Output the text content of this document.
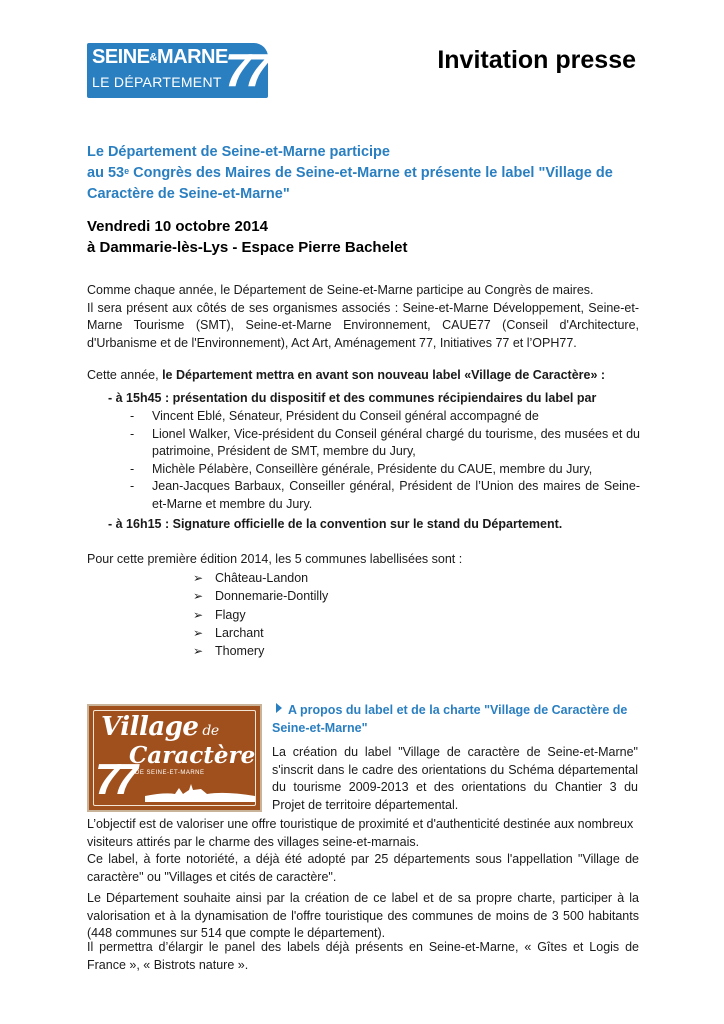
SEINE&MARNE
LE DÉPARTEMENT 77	Invitation presse
Le Département de Seine-et-Marne participe
au 53e Congrès des Maires de Seine-et-Marne et présente le label "Village de Caractère de Seine-et-Marne"
Vendredi 10 octobre 2014
à Dammarie-lès-Lys - Espace Pierre Bachelet
Comme chaque année, le Département de Seine-et-Marne participe au Congrès de maires.
Il sera présent aux côtés de ses organismes associés : Seine-et-Marne Développement, Seine-et-Marne Tourisme (SMT), Seine-et-Marne Environnement, CAUE77 (Conseil d'Architecture, d'Urbanisme et de l'Environnement), Act Art, Aménagement 77, Initiatives 77 et l’OPH77.
Cette année, le Département mettra en avant son nouveau label «Village de Caractère» :
- à 15h45 : présentation du dispositif et des communes récipiendaires du label par
- Vincent Eblé, Sénateur, Président du Conseil général accompagné de
- Lionel Walker, Vice-président du Conseil général chargé du tourisme, des musées et du patrimoine, Président de SMT, membre du Jury,
- Michèle Pélabère, Conseillère générale, Présidente du CAUE, membre du Jury,
- Jean-Jacques Barbaux, Conseiller général, Président de l’Union des maires de Seine-et-Marne et membre du Jury.
- à 16h15 : Signature officielle de la convention sur le stand du Département.
Pour cette première édition 2014, les 5 communes labellisées sont :
➢ Château-Landon
➢ Donnemarie-Dontilly
➢ Flagy
➢ Larchant
➢ Thomery
Village de
Caractère
DE SEINE-ET-MARNE
77
A propos du label et de la charte "Village de Caractère de Seine-et-Marne"
La création du label "Village de caractère de Seine-et-Marne" s'inscrit dans le cadre des orientations du Schéma départemental du tourisme 2009-2013 et des orientations du Chantier 3 du Projet de territoire départemental.
L’objectif est de valoriser une offre touristique de proximité et d'authenticité destinée aux nombreux visiteurs attirés par le charme des villages seine-et-marnais.
Ce label, à forte notoriété, a déjà été adopté par 25 départements sous l'appellation "Village de caractère" ou "Villages et cités de caractère".
Le Département souhaite ainsi par la création de ce label et de sa propre charte, participer à la valorisation et à la dynamisation de l'offre touristique des communes de moins de 3 500 habitants (448 communes sur 514 que compte le département).
Il permettra d’élargir le panel des labels déjà présents en Seine-et-Marne, « Gîtes et Logis de France », « Bistrots nature ».
